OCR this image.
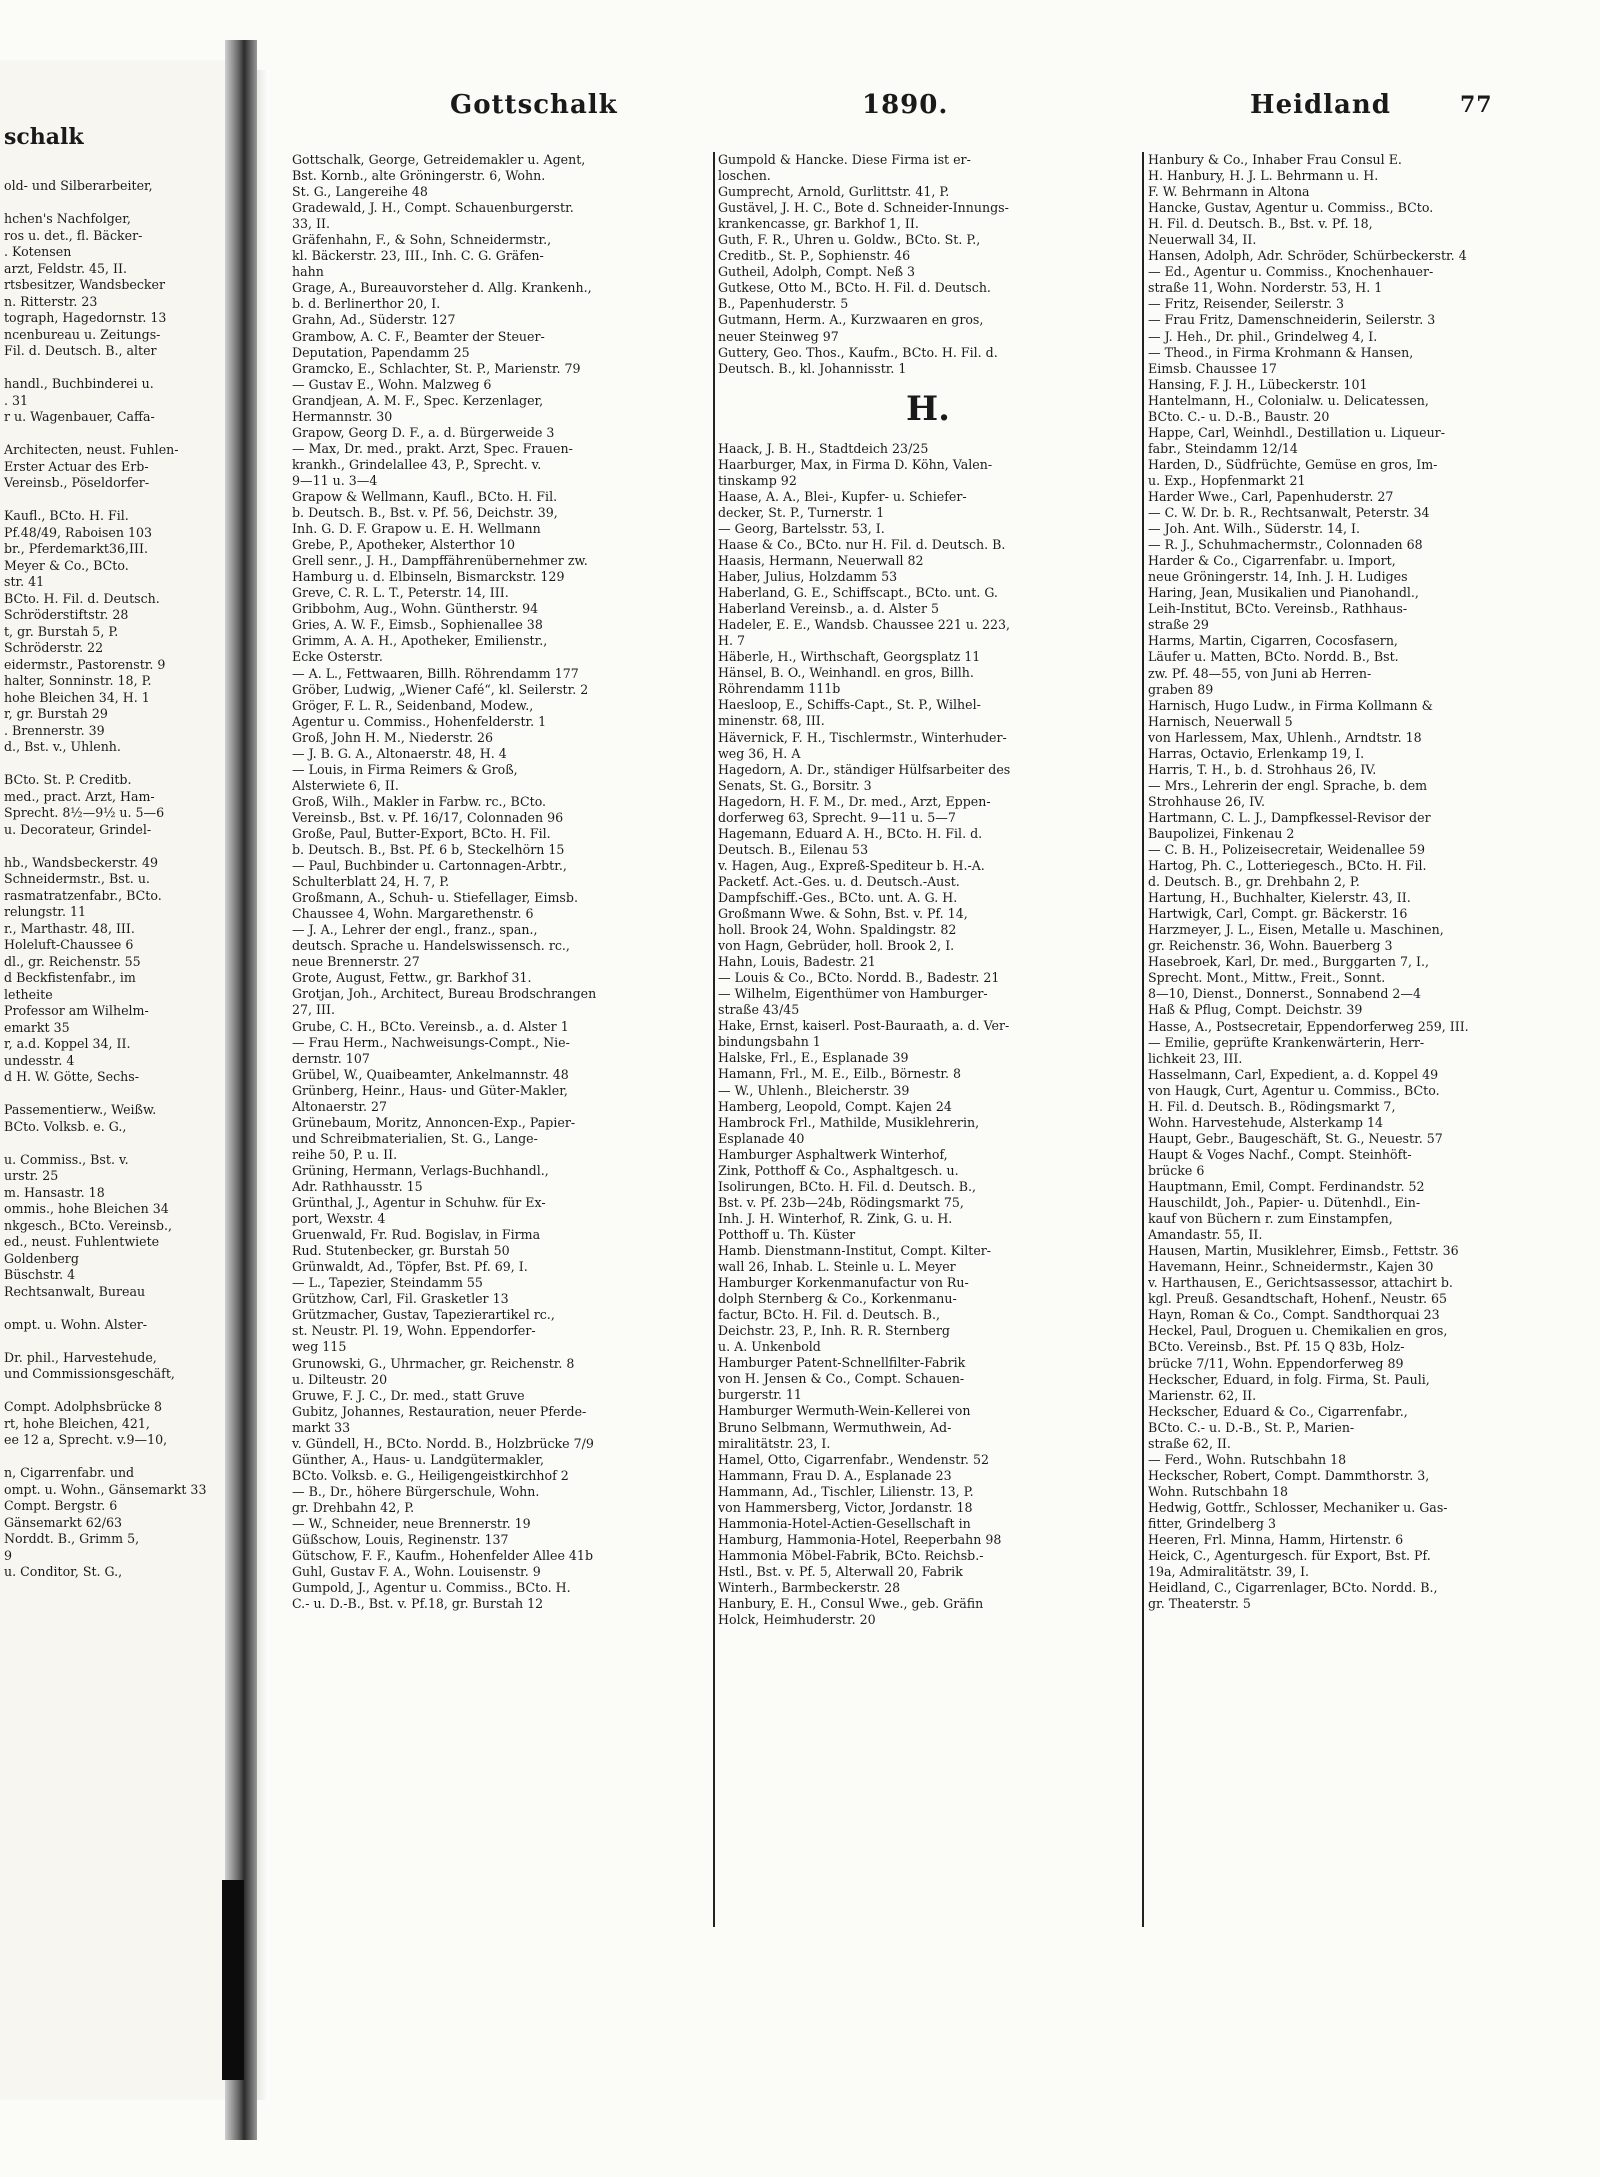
schalk
old- und Silberarbeiter,
hchen's Nachfolger,
ros u. det., fl. Bäcker-
. Kotensen
arzt, Feldstr. 45, II.
rtsbesitzer, Wandsbecker
n. Ritterstr. 23
tograph, Hagedornstr. 13
ncenbureau u. Zeitungs-
Fil. d. Deutsch. B., alter
handl., Buchbinderei u.
. 31
r u. Wagenbauer, Caffa-
Architecten, neust. Fuhlen-
Erster Actuar des Erb-
Vereinsb., Pöseldorfer-
Kaufl., BCto. H. Fil.
Pf.48/49, Raboisen 103
br., Pferdemarkt36,III.
Meyer & Co., BCto.
str. 41
BCto. H. Fil. d. Deutsch.
Schröderstiftstr. 28
t, gr. Burstah 5, P.
Schröderstr. 22
eidermstr., Pastorenstr. 9
halter, Sonninstr. 18, P.
hohe Bleichen 34, H. 1
r, gr. Burstah 29
. Brennerstr. 39
d., Bst. v., Uhlenh.
BCto. St. P. Creditb.
med., pract. Arzt, Ham-
Sprecht. 8½—9½ u. 5—6
u. Decorateur, Grindel-
hb., Wandsbeckerstr. 49
Schneidermstr., Bst. u.
rasmatratzenfabr., BCto.
relungstr. 11
r., Marthastr. 48, III.
Holeluft-Chaussee 6
dl., gr. Reichenstr. 55
d Beckfistenfabr., im
letheite
Professor am Wilhelm-
emarkt 35
r, a.d. Koppel 34, II.
undesstr. 4
d H. W. Götte, Sechs-
Passementierw., Weißw.
BCto. Volksb. e. G.,
u. Commiss., Bst. v.
urstr. 25
m. Hansastr. 18
ommis., hohe Bleichen 34
nkgesch., BCto. Vereinsb.,
ed., neust. Fuhlentwiete
Goldenberg
Büschstr. 4
Rechtsanwalt, Bureau
ompt. u. Wohn. Alster-
Dr. phil., Harvestehude,
und Commissionsgeschäft,
Compt. Adolphsbrücke 8
rt, hohe Bleichen, 421,
ee 12 a, Sprecht. v.9—10,
n, Cigarrenfabr. und
ompt. u. Wohn., Gänsemarkt 33
Compt. Bergstr. 6
Gänsemarkt 62/63
Norddt. B., Grimm 5,
9
u. Conditor, St. G.,
Gottschalk	1890.	Heidland	77
Gottschalk, George, Getreidemakler u. Agent,
Bst. Kornb., alte Gröningerstr. 6, Wohn.
St. G., Langereihe 48
Gradewald, J. H., Compt. Schauenburgerstr.
33, II.
Gräfenhahn, F., & Sohn, Schneidermstr.,
kl. Bäckerstr. 23, III., Inh. C. G. Gräfen-
hahn
Grage, A., Bureauvorsteher d. Allg. Krankenh.,
b. d. Berlinerthor 20, I.
Grahn, Ad., Süderstr. 127
Grambow, A. C. F., Beamter der Steuer-
Deputation, Papendamm 25
Gramcko, E., Schlachter, St. P., Marienstr. 79
— Gustav E., Wohn. Malzweg 6
Grandjean, A. M. F., Spec. Kerzenlager,
Hermannstr. 30
Grapow, Georg D. F., a. d. Bürgerweide 3
— Max, Dr. med., prakt. Arzt, Spec. Frauen-
krankh., Grindelallee 43, P., Sprecht. v.
9—11 u. 3—4
Grapow & Wellmann, Kaufl., BCto. H. Fil.
b. Deutsch. B., Bst. v. Pf. 56, Deichstr. 39,
Inh. G. D. F. Grapow u. E. H. Wellmann
Grebe, P., Apotheker, Alsterthor 10
Grell senr., J. H., Dampffährenübernehmer zw.
Hamburg u. d. Elbinseln, Bismarckstr. 129
Greve, C. R. L. T., Peterstr. 14, III.
Gribbohm, Aug., Wohn. Güntherstr. 94
Gries, A. W. F., Eimsb., Sophienallee 38
Grimm, A. A. H., Apotheker, Emilienstr.,
Ecke Osterstr.
— A. L., Fettwaaren, Billh. Röhrendamm 177
Gröber, Ludwig, „Wiener Café“, kl. Seilerstr. 2
Gröger, F. L. R., Seidenband, Modew.,
Agentur u. Commiss., Hohenfelderstr. 1
Groß, John H. M., Niederstr. 26
— J. B. G. A., Altonaerstr. 48, H. 4
— Louis, in Firma Reimers & Groß,
Alsterwiete 6, II.
Groß, Wilh., Makler in Farbw. rc., BCto.
Vereinsb., Bst. v. Pf. 16/17, Colonnaden 96
Große, Paul, Butter-Export, BCto. H. Fil.
b. Deutsch. B., Bst. Pf. 6 b, Steckelhörn 15
— Paul, Buchbinder u. Cartonnagen-Arbtr.,
Schulterblatt 24, H. 7, P.
Großmann, A., Schuh- u. Stiefellager, Eimsb.
Chaussee 4, Wohn. Margarethenstr. 6
— J. A., Lehrer der engl., franz., span.,
deutsch. Sprache u. Handelswissensch. rc.,
neue Brennerstr. 27
Grote, August, Fettw., gr. Barkhof 31.
Grotjan, Joh., Architect, Bureau Brodschrangen
27, III.
Grube, C. H., BCto. Vereinsb., a. d. Alster 1
— Frau Herm., Nachweisungs-Compt., Nie-
dernstr. 107
Grübel, W., Quaibeamter, Ankelmannstr. 48
Grünberg, Heinr., Haus- und Güter-Makler,
Altonaerstr. 27
Grünebaum, Moritz, Annoncen-Exp., Papier-
und Schreibmaterialien, St. G., Lange-
reihe 50, P. u. II.
Grüning, Hermann, Verlags-Buchhandl.,
Adr. Rathhausstr. 15
Grünthal, J., Agentur in Schuhw. für Ex-
port, Wexstr. 4
Gruenwald, Fr. Rud. Bogislav, in Firma
Rud. Stutenbecker, gr. Burstah 50
Grünwaldt, Ad., Töpfer, Bst. Pf. 69, I.
— L., Tapezier, Steindamm 55
Grützhow, Carl, Fil. Grasketler 13
Grützmacher, Gustav, Tapezierartikel rc.,
st. Neustr. Pl. 19, Wohn. Eppendorfer-
weg 115
Grunowski, G., Uhrmacher, gr. Reichenstr. 8
u. Dilteustr. 20
Gruwe, F. J. C., Dr. med., statt Gruve
Gubitz, Johannes, Restauration, neuer Pferde-
markt 33
v. Gündell, H., BCto. Nordd. B., Holzbrücke 7/9
Günther, A., Haus- u. Landgütermakler,
BCto. Volksb. e. G., Heiligengeistkirchhof 2
— B., Dr., höhere Bürgerschule, Wohn.
gr. Drehbahn 42, P.
— W., Schneider, neue Brennerstr. 19
Güßschow, Louis, Reginenstr. 137
Gütschow, F. F., Kaufm., Hohenfelder Allee 41b
Guhl, Gustav F. A., Wohn. Louisenstr. 9
Gumpold, J., Agentur u. Commiss., BCto. H.
C.- u. D.-B., Bst. v. Pf.18, gr. Burstah 12
Gumpold & Hancke. Diese Firma ist er-
loschen.
Gumprecht, Arnold, Gurlittstr. 41, P.
Gustävel, J. H. C., Bote d. Schneider-Innungs-
krankencasse, gr. Barkhof 1, II.
Guth, F. R., Uhren u. Goldw., BCto. St. P.,
Creditb., St. P., Sophienstr. 46
Gutheil, Adolph, Compt. Neß 3
Gutkese, Otto M., BCto. H. Fil. d. Deutsch.
B., Papenhuderstr. 5
Gutmann, Herm. A., Kurzwaaren en gros,
neuer Steinweg 97
Guttery, Geo. Thos., Kaufm., BCto. H. Fil. d.
Deutsch. B., kl. Johannisstr. 1
H.
Haack, J. B. H., Stadtdeich 23/25
Haarburger, Max, in Firma D. Köhn, Valen-
tinskamp 92
Haase, A. A., Blei-, Kupfer- u. Schiefer-
decker, St. P., Turnerstr. 1
— Georg, Bartelsstr. 53, I.
Haase & Co., BCto. nur H. Fil. d. Deutsch. B.
Haasis, Hermann, Neuerwall 82
Haber, Julius, Holzdamm 53
Haberland, G. E., Schiffscapt., BCto. unt. G.
Haberland Vereinsb., a. d. Alster 5
Hadeler, E. E., Wandsb. Chaussee 221 u. 223,
H. 7
Häberle, H., Wirthschaft, Georgsplatz 11
Hänsel, B. O., Weinhandl. en gros, Billh.
Röhrendamm 111b
Haesloop, E., Schiffs-Capt., St. P., Wilhel-
minenstr. 68, III.
Hävernick, F. H., Tischlermstr., Winterhuder-
weg 36, H. A
Hagedorn, A. Dr., ständiger Hülfsarbeiter des
Senats, St. G., Borsitr. 3
Hagedorn, H. F. M., Dr. med., Arzt, Eppen-
dorferweg 63, Sprecht. 9—11 u. 5—7
Hagemann, Eduard A. H., BCto. H. Fil. d.
Deutsch. B., Eilenau 53
v. Hagen, Aug., Expreß-Spediteur b. H.-A.
Packetf. Act.-Ges. u. d. Deutsch.-Aust.
Dampfschiff.-Ges., BCto. unt. A. G. H.
Großmann Wwe. & Sohn, Bst. v. Pf. 14,
holl. Brook 24, Wohn. Spaldingstr. 82
von Hagn, Gebrüder, holl. Brook 2, I.
Hahn, Louis, Badestr. 21
— Louis & Co., BCto. Nordd. B., Badestr. 21
— Wilhelm, Eigenthümer von Hamburger-
straße 43/45
Hake, Ernst, kaiserl. Post-Bauraath, a. d. Ver-
bindungsbahn 1
Halske, Frl., E., Esplanade 39
Hamann, Frl., M. E., Eilb., Börnestr. 8
— W., Uhlenh., Bleicherstr. 39
Hamberg, Leopold, Compt. Kajen 24
Hambrock Frl., Mathilde, Musiklehrerin,
Esplanade 40
Hamburger Asphaltwerk Winterhof,
Zink, Potthoff & Co., Asphaltgesch. u.
Isolirungen, BCto. H. Fil. d. Deutsch. B.,
Bst. v. Pf. 23b—24b, Rödingsmarkt 75,
Inh. J. H. Winterhof, R. Zink, G. u. H.
Potthoff u. Th. Küster
Hamb. Dienstmann-Institut, Compt. Kilter-
wall 26, Inhab. L. Steinle u. L. Meyer
Hamburger Korkenmanufactur von Ru-
dolph Sternberg & Co., Korkenmanu-
factur, BCto. H. Fil. d. Deutsch. B.,
Deichstr. 23, P., Inh. R. R. Sternberg
u. A. Unkenbold
Hamburger Patent-Schnellfilter-Fabrik
von H. Jensen & Co., Compt. Schauen-
burgerstr. 11
Hamburger Wermuth-Wein-Kellerei von
Bruno Selbmann, Wermuthwein, Ad-
miralitätstr. 23, I.
Hamel, Otto, Cigarrenfabr., Wendenstr. 52
Hammann, Frau D. A., Esplanade 23
Hammann, Ad., Tischler, Lilienstr. 13, P.
von Hammersberg, Victor, Jordanstr. 18
Hammonia-Hotel-Actien-Gesellschaft in
Hamburg, Hammonia-Hotel, Reeperbahn 98
Hammonia Möbel-Fabrik, BCto. Reichsb.-
Hstl., Bst. v. Pf. 5, Alterwall 20, Fabrik
Winterh., Barmbeckerstr. 28
Hanbury, E. H., Consul Wwe., geb. Gräfin
Holck, Heimhuderstr. 20
Hanbury & Co., Inhaber Frau Consul E.
H. Hanbury, H. J. L. Behrmann u. H.
F. W. Behrmann in Altona
Hancke, Gustav, Agentur u. Commiss., BCto.
H. Fil. d. Deutsch. B., Bst. v. Pf. 18,
Neuerwall 34, II.
Hansen, Adolph, Adr. Schröder, Schürbeckerstr. 4
— Ed., Agentur u. Commiss., Knochenhauer-
straße 11, Wohn. Norderstr. 53, H. 1
— Fritz, Reisender, Seilerstr. 3
— Frau Fritz, Damenschneiderin, Seilerstr. 3
— J. Heh., Dr. phil., Grindelweg 4, I.
— Theod., in Firma Krohmann & Hansen,
Eimsb. Chaussee 17
Hansing, F. J. H., Lübeckerstr. 101
Hantelmann, H., Colonialw. u. Delicatessen,
BCto. C.- u. D.-B., Baustr. 20
Happe, Carl, Weinhdl., Destillation u. Liqueur-
fabr., Steindamm 12/14
Harden, D., Südfrüchte, Gemüse en gros, Im-
u. Exp., Hopfenmarkt 21
Harder Wwe., Carl, Papenhuderstr. 27
— C. W. Dr. b. R., Rechtsanwalt, Peterstr. 34
— Joh. Ant. Wilh., Süderstr. 14, I.
— R. J., Schuhmachermstr., Colonnaden 68
Harder & Co., Cigarrenfabr. u. Import,
neue Gröningerstr. 14, Inh. J. H. Ludiges
Haring, Jean, Musikalien und Pianohandl.,
Leih-Institut, BCto. Vereinsb., Rathhaus-
straße 29
Harms, Martin, Cigarren, Cocosfasern,
Läufer u. Matten, BCto. Nordd. B., Bst.
zw. Pf. 48—55, von Juni ab Herren-
graben 89
Harnisch, Hugo Ludw., in Firma Kollmann &
Harnisch, Neuerwall 5
von Harlessem, Max, Uhlenh., Arndtstr. 18
Harras, Octavio, Erlenkamp 19, I.
Harris, T. H., b. d. Strohhaus 26, IV.
— Mrs., Lehrerin der engl. Sprache, b. dem
Strohhause 26, IV.
Hartmann, C. L. J., Dampfkessel-Revisor der
Baupolizei, Finkenau 2
— C. B. H., Polizeisecretair, Weidenallee 59
Hartog, Ph. C., Lotteriegesch., BCto. H. Fil.
d. Deutsch. B., gr. Drehbahn 2, P.
Hartung, H., Buchhalter, Kielerstr. 43, II.
Hartwigk, Carl, Compt. gr. Bäckerstr. 16
Harzmeyer, J. L., Eisen, Metalle u. Maschinen,
gr. Reichenstr. 36, Wohn. Bauerberg 3
Hasebroek, Karl, Dr. med., Burggarten 7, I.,
Sprecht. Mont., Mittw., Freit., Sonnt.
8—10, Dienst., Donnerst., Sonnabend 2—4
Haß & Pflug, Compt. Deichstr. 39
Hasse, A., Postsecretair, Eppendorferweg 259, III.
— Emilie, geprüfte Krankenwärterin, Herr-
lichkeit 23, III.
Hasselmann, Carl, Expedient, a. d. Koppel 49
von Haugk, Curt, Agentur u. Commiss., BCto.
H. Fil. d. Deutsch. B., Rödingsmarkt 7,
Wohn. Harvestehude, Alsterkamp 14
Haupt, Gebr., Baugeschäft, St. G., Neuestr. 57
Haupt & Voges Nachf., Compt. Steinhöft-
brücke 6
Hauptmann, Emil, Compt. Ferdinandstr. 52
Hauschildt, Joh., Papier- u. Dütenhdl., Ein-
kauf von Büchern r. zum Einstampfen,
Amandastr. 55, II.
Hausen, Martin, Musiklehrer, Eimsb., Fettstr. 36
Havemann, Heinr., Schneidermstr., Kajen 30
v. Harthausen, E., Gerichtsassessor, attachirt b.
kgl. Preuß. Gesandtschaft, Hohenf., Neustr. 65
Hayn, Roman & Co., Compt. Sandthorquai 23
Heckel, Paul, Droguen u. Chemikalien en gros,
BCto. Vereinsb., Bst. Pf. 15 Q 83b, Holz-
brücke 7/11, Wohn. Eppendorferweg 89
Heckscher, Eduard, in folg. Firma, St. Pauli,
Marienstr. 62, II.
Heckscher, Eduard & Co., Cigarrenfabr.,
BCto. C.- u. D.-B., St. P., Marien-
straße 62, II.
— Ferd., Wohn. Rutschbahn 18
Heckscher, Robert, Compt. Dammthorstr. 3,
Wohn. Rutschbahn 18
Hedwig, Gottfr., Schlosser, Mechaniker u. Gas-
fitter, Grindelberg 3
Heeren, Frl. Minna, Hamm, Hirtenstr. 6
Heick, C., Agenturgesch. für Export, Bst. Pf.
19a, Admiralitätstr. 39, I.
Heidland, C., Cigarrenlager, BCto. Nordd. B.,
gr. Theaterstr. 5
